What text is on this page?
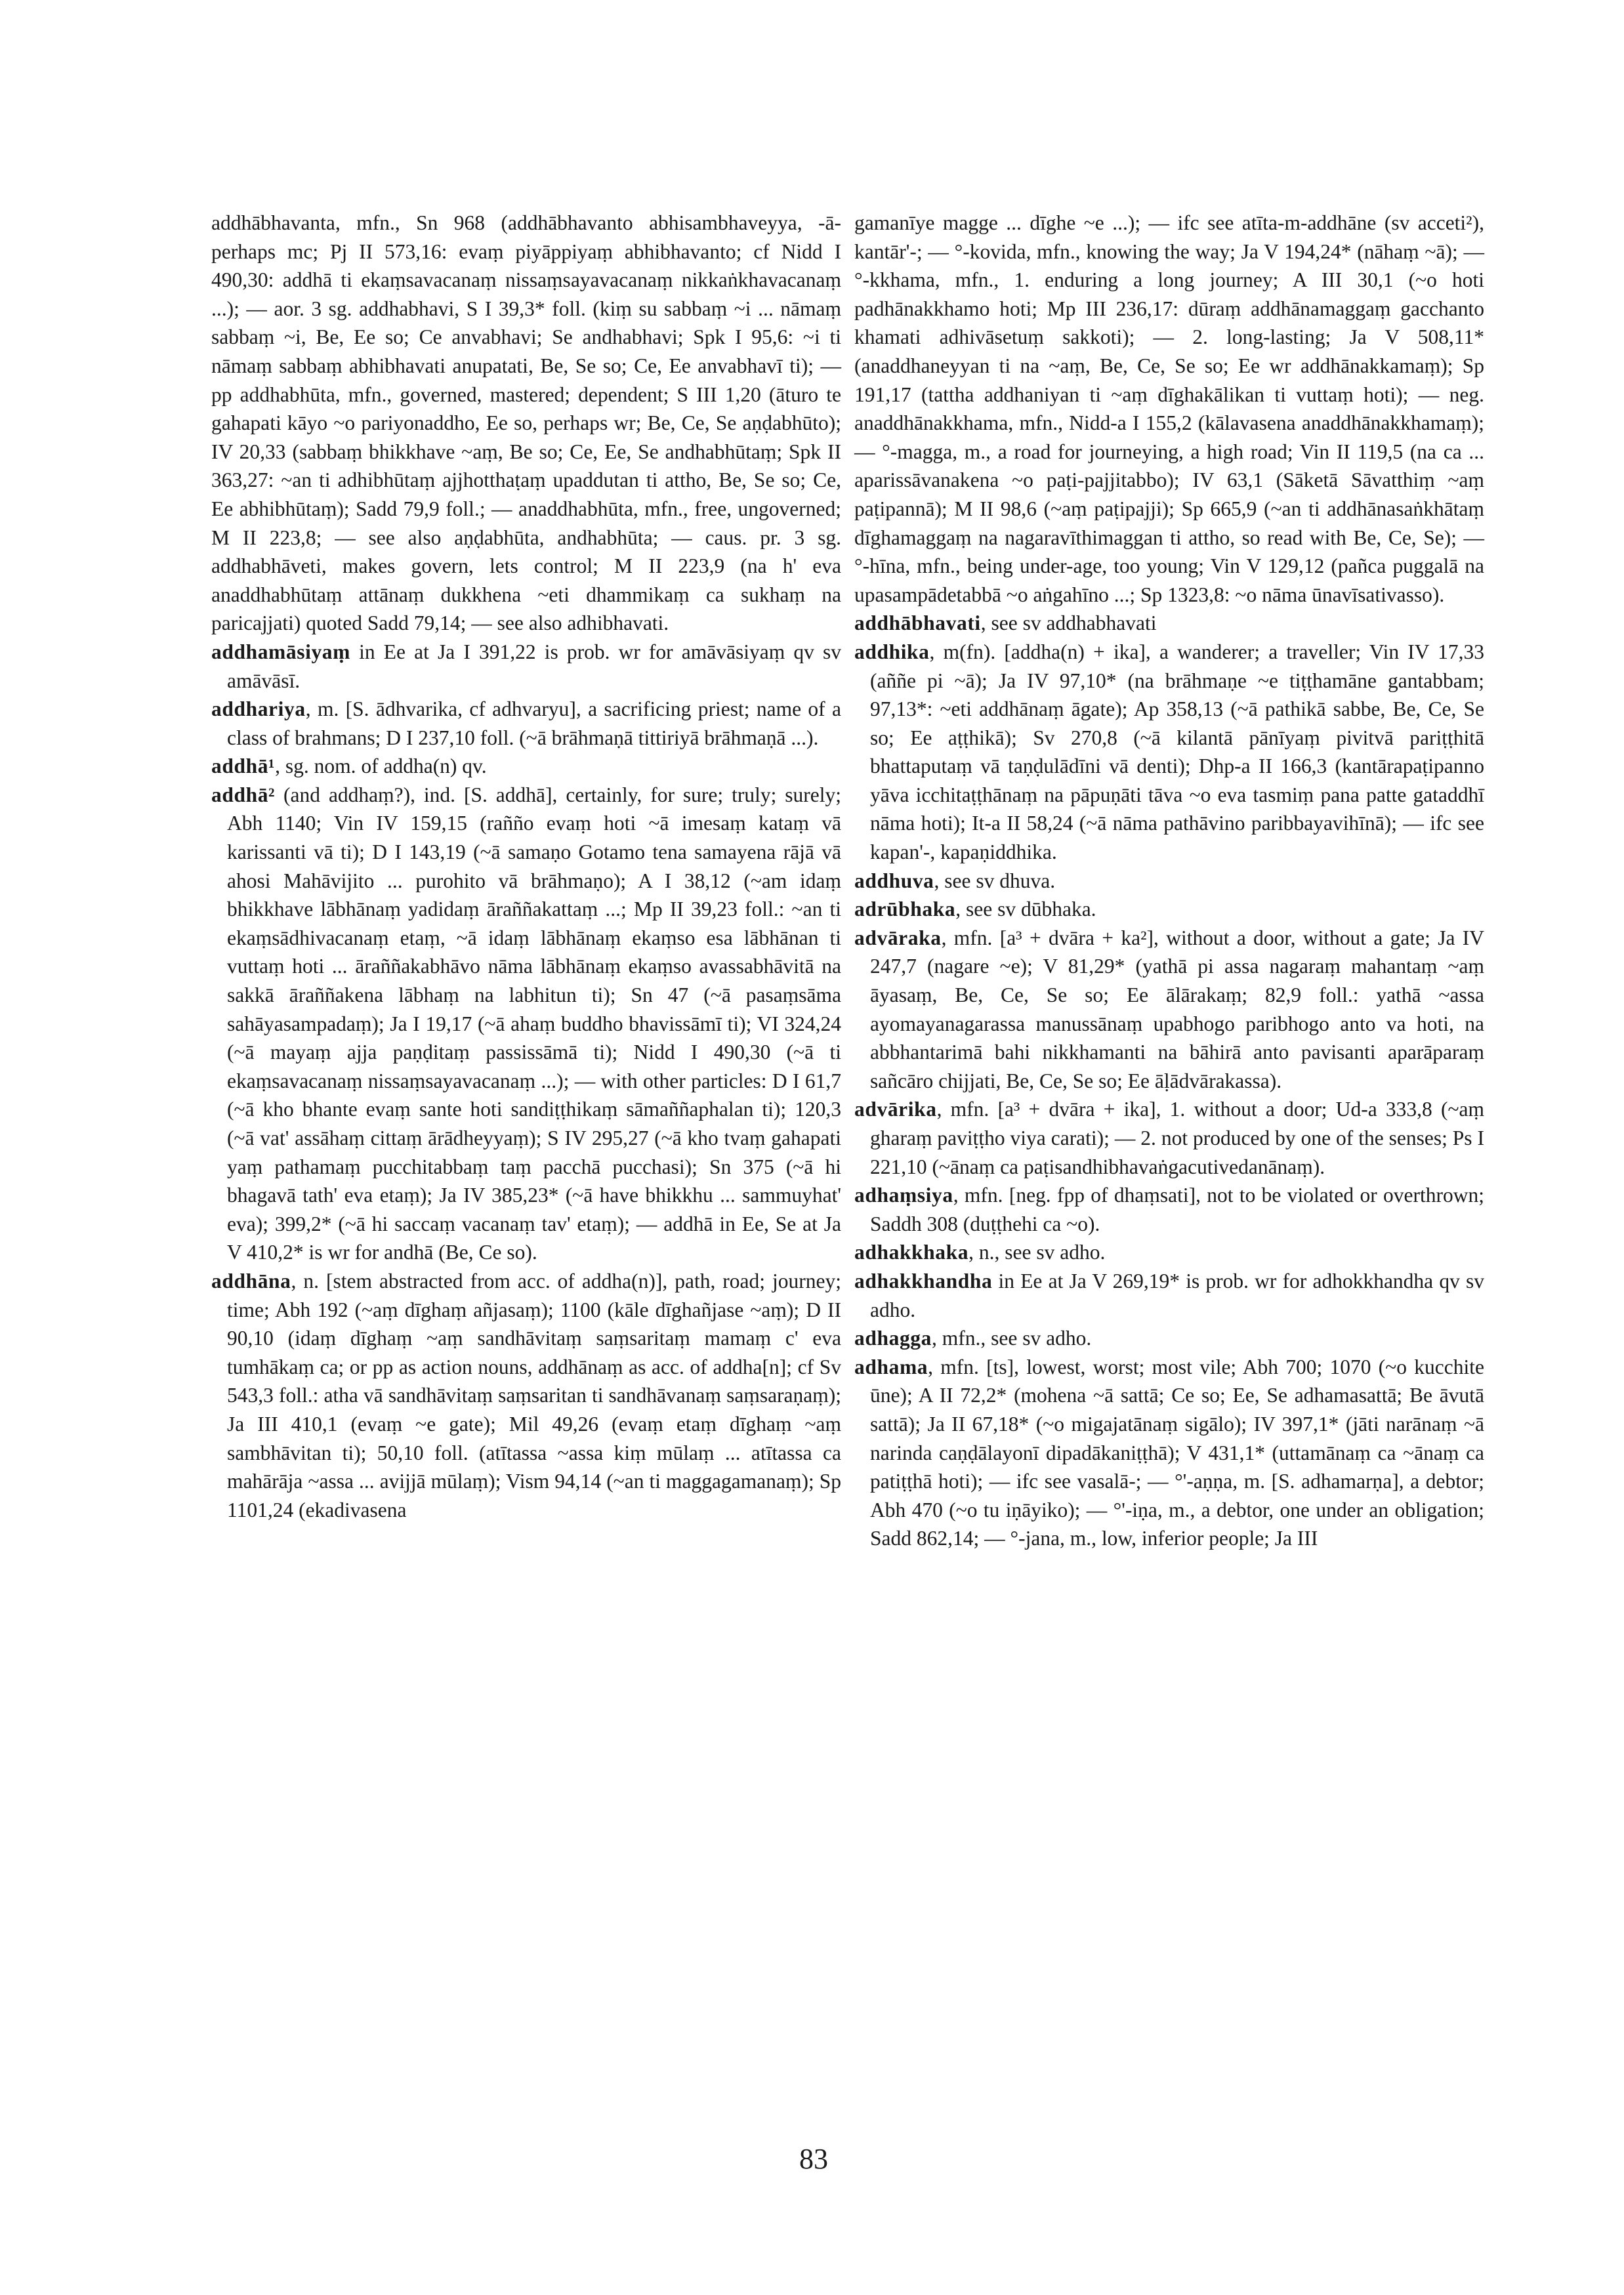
addhābhavanta, mfn., Sn 968 (addhābhavanto abhisambhaveyya, -ā- perhaps mc; Pj II 573,16: evaṃ piyāppiyaṃ abhibhavanto; cf Nidd I 490,30: addhā ti ekaṃsavacanaṃ nissaṃsayavacanaṃ nikkaṅkhavacanaṃ ...); — aor. 3 sg. addhabhavi, S I 39,3* foll. (kiṃ su sabbaṃ ~i ... nāmaṃ sabbaṃ ~i, Be, Ee so; Ce anvabhavi; Se andhabhavi; Spk I 95,6: ~i ti nāmaṃ sabbaṃ abhibhavati anupatati, Be, Se so; Ce, Ee anvabhavī ti); — pp addhabhūta, mfn., governed, mastered; dependent; S III 1,20 (āturo te gahapati kāyo ~o pariyonaddho, Ee so, perhaps wr; Be, Ce, Se aṇḍabhūto); IV 20,33 (sabbaṃ bhikkhave ~aṃ, Be so; Ce, Ee, Se andhabhūtaṃ; Spk II 363,27: ~an ti adhibhūtaṃ ajjhotthaṭaṃ upaddutan ti attho, Be, Se so; Ce, Ee abhibhūtaṃ); Sadd 79,9 foll.; — anaddhabhūta, mfn., free, ungoverned; M II 223,8; — see also aṇḍabhūta, andhabhūta; — caus. pr. 3 sg. addhabhāveti, makes govern, lets control; M II 223,9 (na h' eva anaddhabhūtaṃ attānaṃ dukkhena ~eti dhammikaṃ ca sukhaṃ na paricajjati) quoted Sadd 79,14; — see also adhibhavati.

addhamāsiyaṃ in Ee at Ja I 391,22 is prob. wr for amāvāsiyaṃ qv sv amāvāsī.

addhariya, m. [S. ādhvarika, cf adhvaryu], a sacrificing priest; name of a class of brahmans; D I 237,10 foll. (~ā brāhmaṇā tittiriyā brāhmaṇā ...).

addhā¹, sg. nom. of addha(n) qv.

addhā² (and addhaṃ?), ind. [S. addhā], certainly, for sure; truly; surely; Abh 1140; Vin IV 159,15 (rañño evaṃ hoti ~ā imesaṃ kataṃ vā karissanti vā ti); D I 143,19 (~ā samaṇo Gotamo tena samayena rājā vā ahosi Mahāvijito ... purohito vā brāhmaṇo); A I 38,12 (~am idaṃ bhikkhave lābhānaṃ yadidaṃ āraññakattaṃ ...; Mp II 39,23 foll.: ~an ti ekaṃsādhivacanaṃ etaṃ, ~ā idaṃ lābhānaṃ ekaṃso esa lābhānan ti vuttaṃ hoti ... āraññakabhāvo nāma lābhānaṃ ekaṃso avassabhāvitā na sakkā āraññakena lābhaṃ na labhitun ti); Sn 47 (~ā pasaṃsāma sahāyasampadaṃ); Ja I 19,17 (~ā ahaṃ buddho bhavissāmī ti); VI 324,24 (~ā mayaṃ ajja paṇḍitaṃ passissāmā ti); Nidd I 490,30 (~ā ti ekaṃsavacanaṃ nissaṃsayavacanaṃ ...); — with other particles: D I 61,7 (~ā kho bhante evaṃ sante hoti sandiṭṭhikaṃ sāmaññaphalan ti); 120,3 (~ā vat' assāhaṃ cittaṃ ārādheyyaṃ); S IV 295,27 (~ā kho tvaṃ gahapati yaṃ pathamaṃ pucchitabbaṃ taṃ pacchā pucchasi); Sn 375 (~ā hi bhagavā tath' eva etaṃ); Ja IV 385,23* (~ā have bhikkhu ... sammuyhat' eva); 399,2* (~ā hi saccaṃ vacanaṃ tav' etaṃ); — addhā in Ee, Se at Ja V 410,2* is wr for andhā (Be, Ce so).

addhāna, n. [stem abstracted from acc. of addha(n)], path, road; journey; time; Abh 192 (~aṃ dīghaṃ añjasaṃ); 1100 (kāle dīghañjase ~aṃ); D II 90,10 (idaṃ dīghaṃ ~aṃ sandhāvitaṃ saṃsaritaṃ mamaṃ c' eva tumhākaṃ ca; or pp as action nouns, addhānaṃ as acc. of addha[n]; cf Sv 543,3 foll.: atha vā sandhāvitaṃ saṃsaritan ti sandhāvanaṃ saṃsaraṇaṃ); Ja III 410,1 (evaṃ ~e gate); Mil 49,26 (evaṃ etaṃ dīghaṃ ~aṃ sambhāvitan ti); 50,10 foll. (atītassa ~assa kiṃ mūlaṃ ... atītassa ca mahārāja ~assa ... avijjā mūlaṃ); Vism 94,14 (~an ti maggagamanaṃ); Sp 1101,24 (ekadivasena

gamanīye magge ... dīghe ~e ...); — ifc see atīta-m-addhāne (sv acceti²), kantār'-; — °-kovida, mfn., knowing the way; Ja V 194,24* (nāhaṃ ~ā); — °-kkhama, mfn., 1. enduring a long journey; A III 30,1 (~o hoti padhānakkhamo hoti; Mp III 236,17: dūraṃ addhānamaggaṃ gacchanto khamati adhivāsetuṃ sakkoti); — 2. long-lasting; Ja V 508,11* (anaddhaneyyan ti na ~aṃ, Be, Ce, Se so; Ee wr addhānakkamaṃ); Sp 191,17 (tattha addhaniyan ti ~aṃ dīghakālikan ti vuttaṃ hoti); — neg. anaddhānakkhama, mfn., Nidd-a I 155,2 (kālavasena anaddhānakkhamaṃ); — °-magga, m., a road for journeying, a high road; Vin II 119,5 (na ca ... aparissāvanakena ~o paṭi-pajjitabbo); IV 63,1 (Sāketā Sāvatthiṃ ~aṃ paṭipannā); M II 98,6 (~aṃ paṭipajji); Sp 665,9 (~an ti addhānasaṅkhātaṃ dīghamaggaṃ na nagaravīthimaggan ti attho, so read with Be, Ce, Se); — °-hīna, mfn., being under-age, too young; Vin V 129,12 (pañca puggalā na upasampādetabbā ~o aṅgahīno ...; Sp 1323,8: ~o nāma ūnavīsativasso).

addhābhavati, see sv addhabhavati

addhika, m(fn). [addha(n) + ika], a wanderer; a traveller; Vin IV 17,33 (aññe pi ~ā); Ja IV 97,10* (na brāhmaṇe ~e tiṭṭhamāne gantabbam; 97,13*: ~eti addhānaṃ āgate); Ap 358,13 (~ā pathikā sabbe, Be, Ce, Se so; Ee aṭṭhikā); Sv 270,8 (~ā kilantā pānīyaṃ pivitvā pariṭṭhitā bhattaputaṃ vā taṇḍulādīni vā denti); Dhp-a II 166,3 (kantārapaṭipanno yāva icchitaṭṭhānaṃ na pāpuṇāti tāva ~o eva tasmiṃ pana patte gataddhī nāma hoti); It-a II 58,24 (~ā nāma pathāvino paribbayavihīnā); — ifc see kapan'-, kapaṇiddhika.

addhuva, see sv dhuva.

adrūbhaka, see sv dūbhaka.

advāraka, mfn. [a³ + dvāra + ka²], without a door, without a gate; Ja IV 247,7 (nagare ~e); V 81,29* (yathā pi assa nagaraṃ mahantaṃ ~aṃ āyasaṃ, Be, Ce, Se so; Ee ālārakaṃ; 82,9 foll.: yathā ~assa ayomayanagarassa manussānaṃ upabhogo paribhogo anto va hoti, na abbhantarimā bahi nikkhamanti na bāhirā anto pavisanti aparāparaṃ sañcāro chijjati, Be, Ce, Se so; Ee āḷādvārakassa).

advārika, mfn. [a³ + dvāra + ika], 1. without a door; Ud-a 333,8 (~aṃ gharaṃ paviṭṭho viya carati); — 2. not produced by one of the senses; Ps I 221,10 (~ānaṃ ca paṭisandhibhavaṅgacutivedanānaṃ).

adhaṃsiya, mfn. [neg. fpp of dhaṃsati], not to be violated or overthrown; Saddh 308 (duṭṭhehi ca ~o).

adhakkhaka, n., see sv adho.

adhakkhandha in Ee at Ja V 269,19* is prob. wr for adhokkhandha qv sv adho.

adhagga, mfn., see sv adho.

adhama, mfn. [ts], lowest, worst; most vile; Abh 700; 1070 (~o kucchite ūne); A II 72,2* (mohena ~ā sattā; Ce so; Ee, Se adhamasattā; Be āvutā sattā); Ja II 67,18* (~o migajatānaṃ sigālo); IV 397,1* (jāti narānaṃ ~ā narinda caṇḍālayonī dipadākaniṭṭhā); V 431,1* (uttamānaṃ ca ~ānaṃ ca patiṭṭhā hoti); — ifc see vasalā-; — °'-aṇṇa, m. [S. adhamarṇa], a debtor; Abh 470 (~o tu iṇāyiko); — °'-iṇa, m., a debtor, one under an obligation; Sadd 862,14; — °-jana, m., low, inferior people; Ja III

83
